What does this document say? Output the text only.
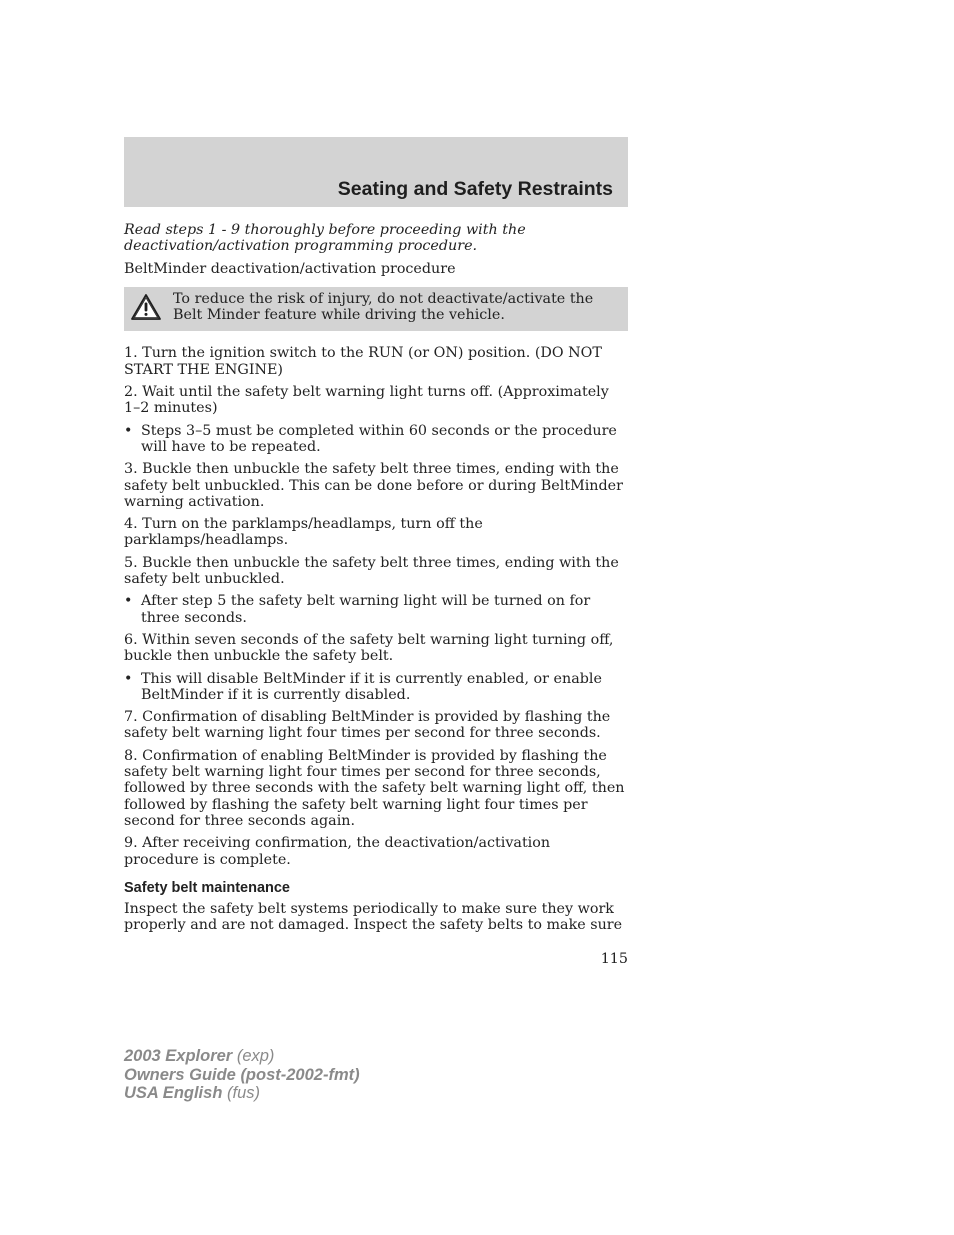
Seating and Safety Restraints

Read steps 1 - 9 thoroughly before proceeding with the deactivation/activation programming procedure.

BeltMinder deactivation/activation procedure

To reduce the risk of injury, do not deactivate/activate the Belt Minder feature while driving the vehicle.

1. Turn the ignition switch to the RUN (or ON) position. (DO NOT START THE ENGINE)

2. Wait until the safety belt warning light turns off. (Approximately 1–2 minutes)

• Steps 3–5 must be completed within 60 seconds or the procedure will have to be repeated.

3. Buckle then unbuckle the safety belt three times, ending with the safety belt unbuckled. This can be done before or during BeltMinder warning activation.

4. Turn on the parklamps/headlamps, turn off the parklamps/headlamps.

5. Buckle then unbuckle the safety belt three times, ending with the safety belt unbuckled.

• After step 5 the safety belt warning light will be turned on for three seconds.

6. Within seven seconds of the safety belt warning light turning off, buckle then unbuckle the safety belt.

• This will disable BeltMinder if it is currently enabled, or enable BeltMinder if it is currently disabled.

7. Confirmation of disabling BeltMinder is provided by flashing the safety belt warning light four times per second for three seconds.

8. Confirmation of enabling BeltMinder is provided by flashing the safety belt warning light four times per second for three seconds, followed by three seconds with the safety belt warning light off, then followed by flashing the safety belt warning light four times per second for three seconds again.

9. After receiving confirmation, the deactivation/activation procedure is complete.

Safety belt maintenance

Inspect the safety belt systems periodically to make sure they work properly and are not damaged. Inspect the safety belts to make sure

115
2003 Explorer (exp)
Owners Guide (post-2002-fmt)
USA English (fus)
